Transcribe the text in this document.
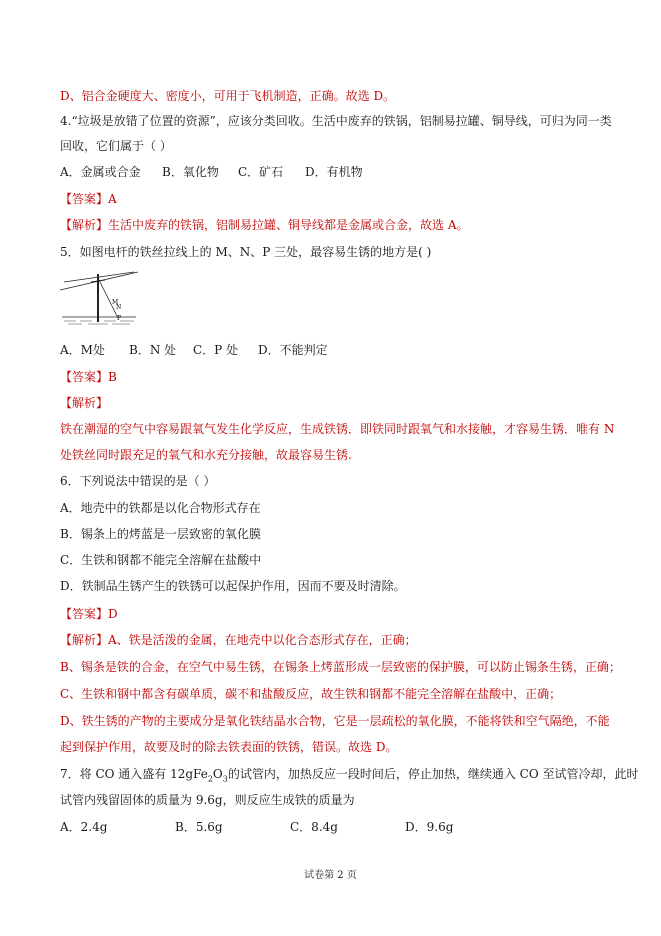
D、铝合金硬度大、密度小，可用于飞机制造，正确。故选 D。
4.“垃圾是放错了位置的资源”，应该分类回收。生活中废弃的铁锅，铝制易拉罐、铜导线，可归为同一类
回收，它们属于（ ）
A．金属或合金 B．氧化物 C．矿石 D．有机物
【答案】A
【解析】生活中废弃的铁锅，铝制易拉罐、铜导线都是金属或合金，故选 A。
5．如图电杆的铁丝拉线上的 M、N、P 三处，最容易生锈的地方是( )
M
N
P
A．M处 B．N 处 C．P 处 D．不能判定
【答案】B
【解析】
铁在潮湿的空气中容易跟氧气发生化学反应，生成铁锈．即铁同时跟氧气和水接触，才容易生锈．唯有 N
处铁丝同时跟充足的氧气和水充分接触，故最容易生锈.
6．下列说法中错误的是（ ）
A．地壳中的铁都是以化合物形式存在
B．锡条上的烤蓝是一层致密的氧化膜
C．生铁和钢都不能完全溶解在盐酸中
D．铁制品生锈产生的铁锈可以起保护作用，因而不要及时清除。
【答案】D
【解析】A、铁是活泼的金属，在地壳中以化合态形式存在，正确；
B、锡条是铁的合金，在空气中易生锈，在锡条上烤蓝形成一层致密的保护膜，可以防止锡条生锈，正确；
C、生铁和钢中都含有碳单质，碳不和盐酸反应，故生铁和钢都不能完全溶解在盐酸中，正确；
D、铁生锈的产物的主要成分是氧化铁结晶水合物，它是一层疏松的氧化膜，不能将铁和空气隔绝，不能
起到保护作用，故要及时的除去铁表面的铁锈，错误。故选 D。
7．将 CO 通入盛有 $12gFe_2O_3$的试管内，加热反应一段时间后，停止加热，继续通入 CO 至试管冷却，此时
试管内残留固体的质量为 9.6g，则反应生成铁的质量为
A．2.4g	B．5.6g	C．8.4g	D．9.6g
试卷第 2 页
